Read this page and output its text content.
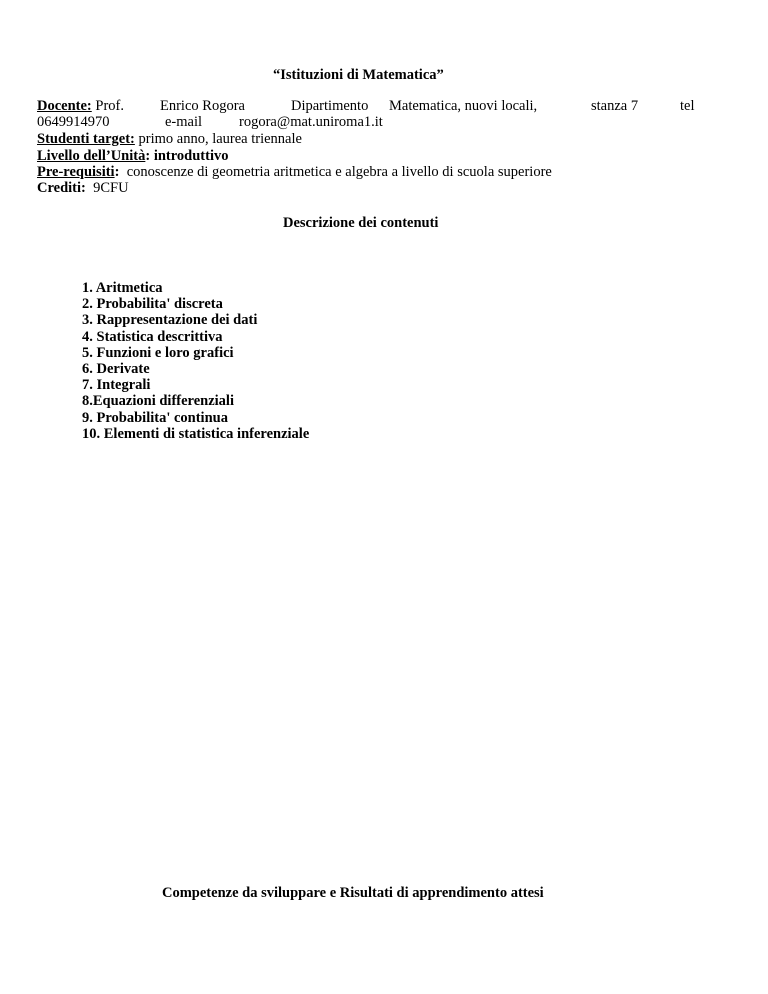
“Istituzioni di Matematica”
Docente: Prof. Enrico Rogora	Dipartimento Matematica, nuovi locali,	stanza 7	tel
0649914970	e-mail	rogora@mat.uniroma1.it
Studenti target: primo anno, laurea triennale
Livello dell’Unità: introduttivo
Pre-requisiti: conoscenze di geometria aritmetica e algebra a livello di scuola superiore
Crediti: 9CFU
Descrizione dei contenuti
1. Aritmetica
2. Probabilita' discreta
3. Rappresentazione dei dati
4. Statistica descrittiva
5. Funzioni e loro grafici
6. Derivate
7. Integrali
8.Equazioni differenziali
9. Probabilita' continua
10. Elementi di statistica inferenziale
Competenze da sviluppare e Risultati di apprendimento attesi
